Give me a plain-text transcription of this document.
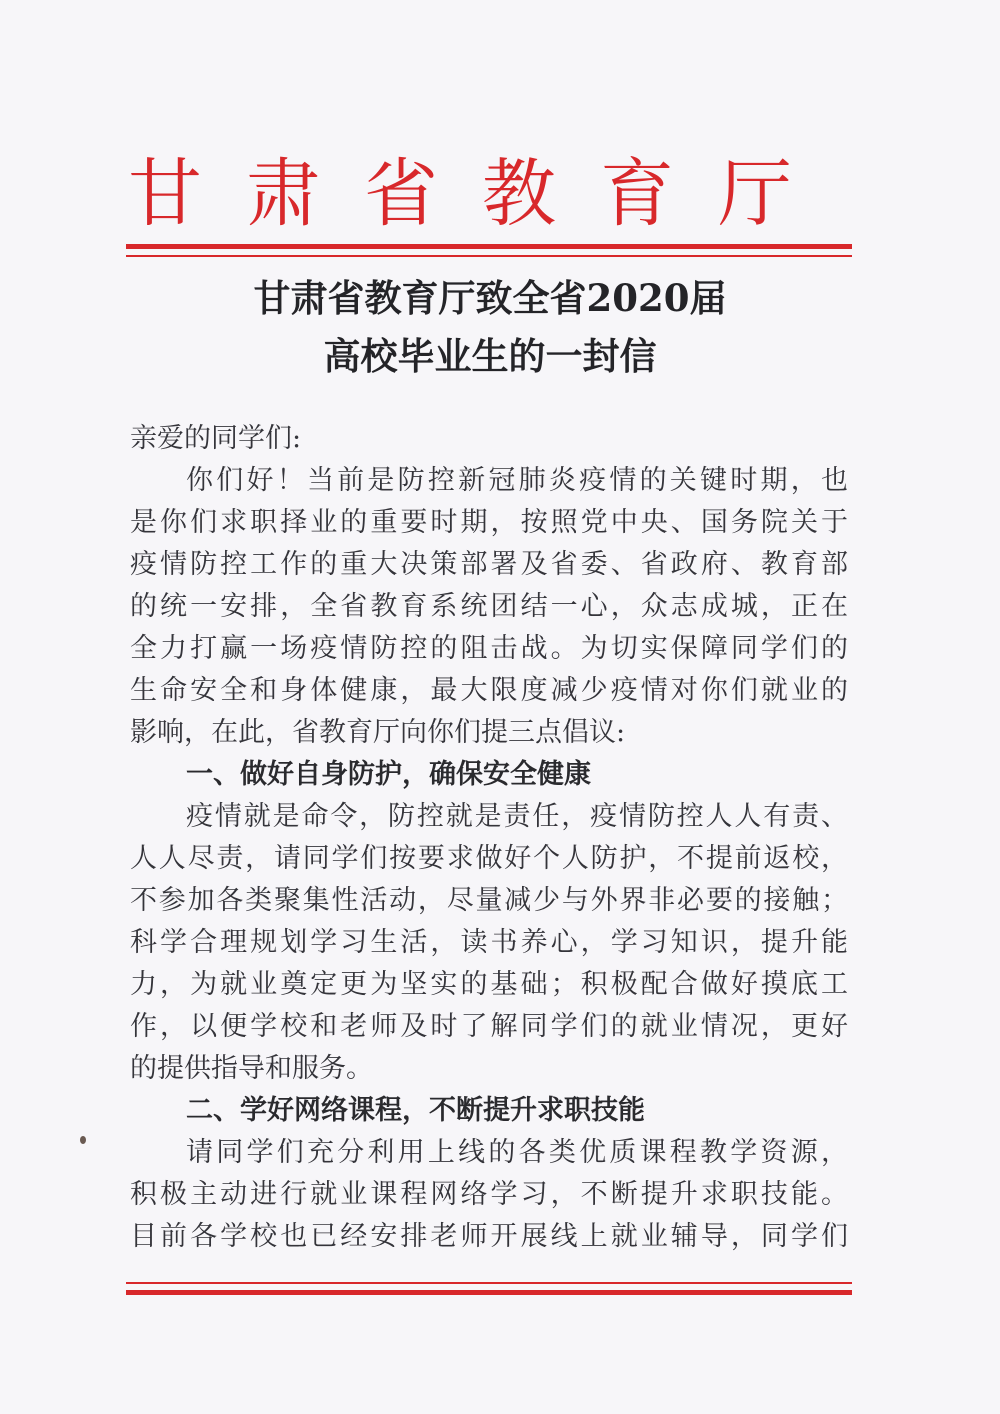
甘肃省教育厅
甘肃省教育厅致全省2020届
高校毕业生的一封信
亲爱的同学们:
你们好！当前是防控新冠肺炎疫情的关键时期，也
是你们求职择业的重要时期，按照党中央、国务院关于
疫情防控工作的重大决策部署及省委、省政府、教育部
的统一安排，全省教育系统团结一心，众志成城，正在
全力打赢一场疫情防控的阻击战。为切实保障同学们的
生命安全和身体健康，最大限度减少疫情对你们就业的
影响，在此，省教育厅向你们提三点倡议:
一、做好自身防护，确保安全健康
疫情就是命令，防控就是责任，疫情防控人人有责、
人人尽责，请同学们按要求做好个人防护，不提前返校，
不参加各类聚集性活动，尽量减少与外界非必要的接触；
科学合理规划学习生活，读书养心，学习知识，提升能
力，为就业奠定更为坚实的基础；积极配合做好摸底工
作，以便学校和老师及时了解同学们的就业情况，更好
的提供指导和服务。
二、学好网络课程，不断提升求职技能
请同学们充分利用上线的各类优质课程教学资源，
积极主动进行就业课程网络学习，不断提升求职技能。
目前各学校也已经安排老师开展线上就业辅导，同学们
